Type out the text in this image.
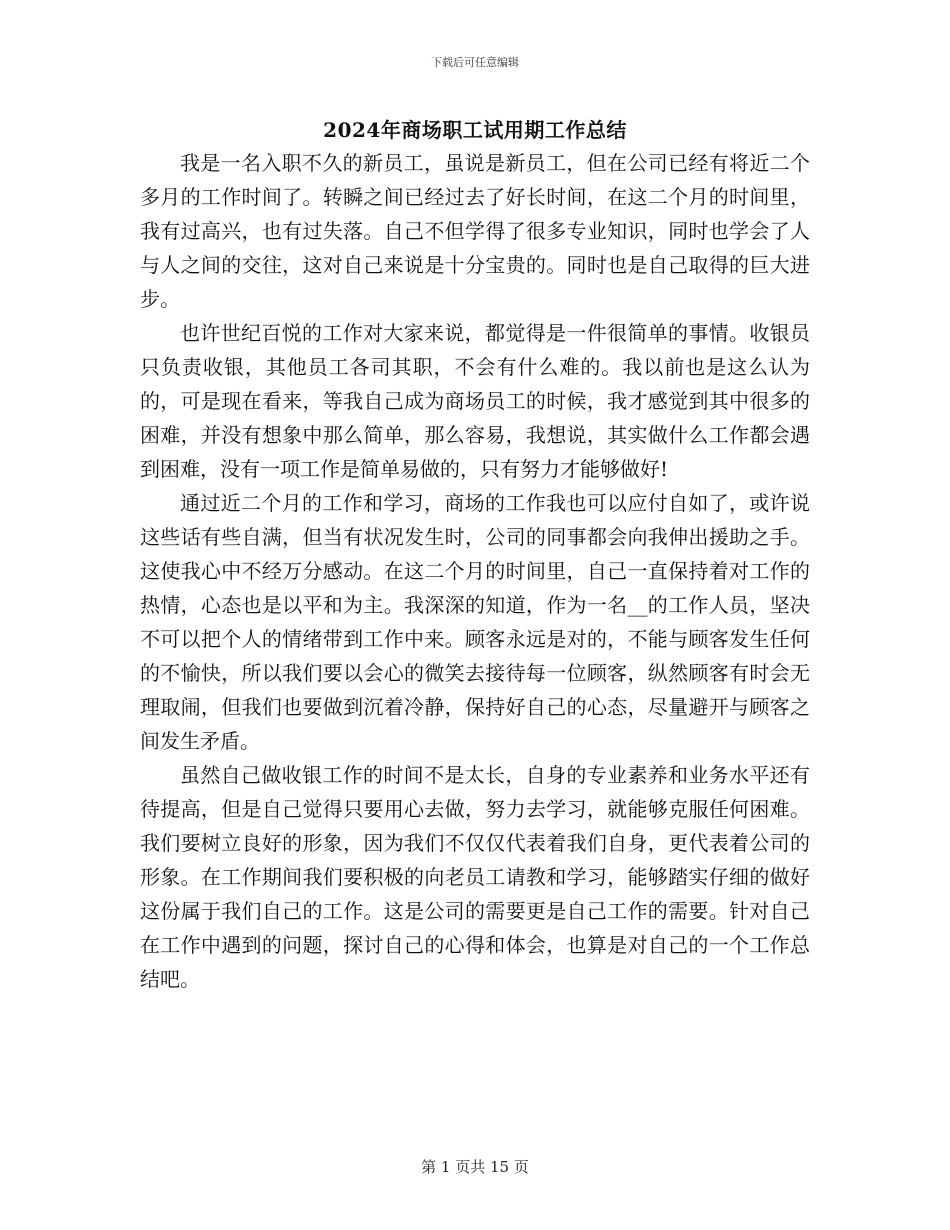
下载后可任意编辑
2024年商场职工试用期工作总结

我是一名入职不久的新员工，虽说是新员工，但在公司已经有将近二个多月的工作时间了。转瞬之间已经过去了好长时间，在这二个月的时间里，我有过高兴，也有过失落。自己不但学得了很多专业知识，同时也学会了人与人之间的交往，这对自己来说是十分宝贵的。同时也是自己取得的巨大进步。

也许世纪百悦的工作对大家来说，都觉得是一件很简单的事情。收银员只负责收银，其他员工各司其职，不会有什么难的。我以前也是这么认为的，可是现在看来，等我自己成为商场员工的时候，我才感觉到其中很多的困难，并没有想象中那么简单，那么容易，我想说，其实做什么工作都会遇到困难，没有一项工作是简单易做的，只有努力才能够做好!

通过近二个月的工作和学习，商场的工作我也可以应付自如了，或许说这些话有些自满，但当有状况发生时，公司的同事都会向我伸出援助之手。这使我心中不经万分感动。在这二个月的时间里，自己一直保持着对工作的热情，心态也是以平和为主。我深深的知道，作为一名__的工作人员，坚决不可以把个人的情绪带到工作中来。顾客永远是对的，不能与顾客发生任何的不愉快，所以我们要以会心的微笑去接待每一位顾客，纵然顾客有时会无理取闹，但我们也要做到沉着冷静，保持好自己的心态，尽量避开与顾客之间发生矛盾。

虽然自己做收银工作的时间不是太长，自身的专业素养和业务水平还有待提高，但是自己觉得只要用心去做，努力去学习，就能够克服任何困难。我们要树立良好的形象，因为我们不仅仅代表着我们自身，更代表着公司的形象。在工作期间我们要积极的向老员工请教和学习，能够踏实仔细的做好这份属于我们自己的工作。这是公司的需要更是自己工作的需要。针对自己在工作中遇到的问题，探讨自己的心得和体会，也算是对自己的一个工作总结吧。

第 1 页共 15 页
